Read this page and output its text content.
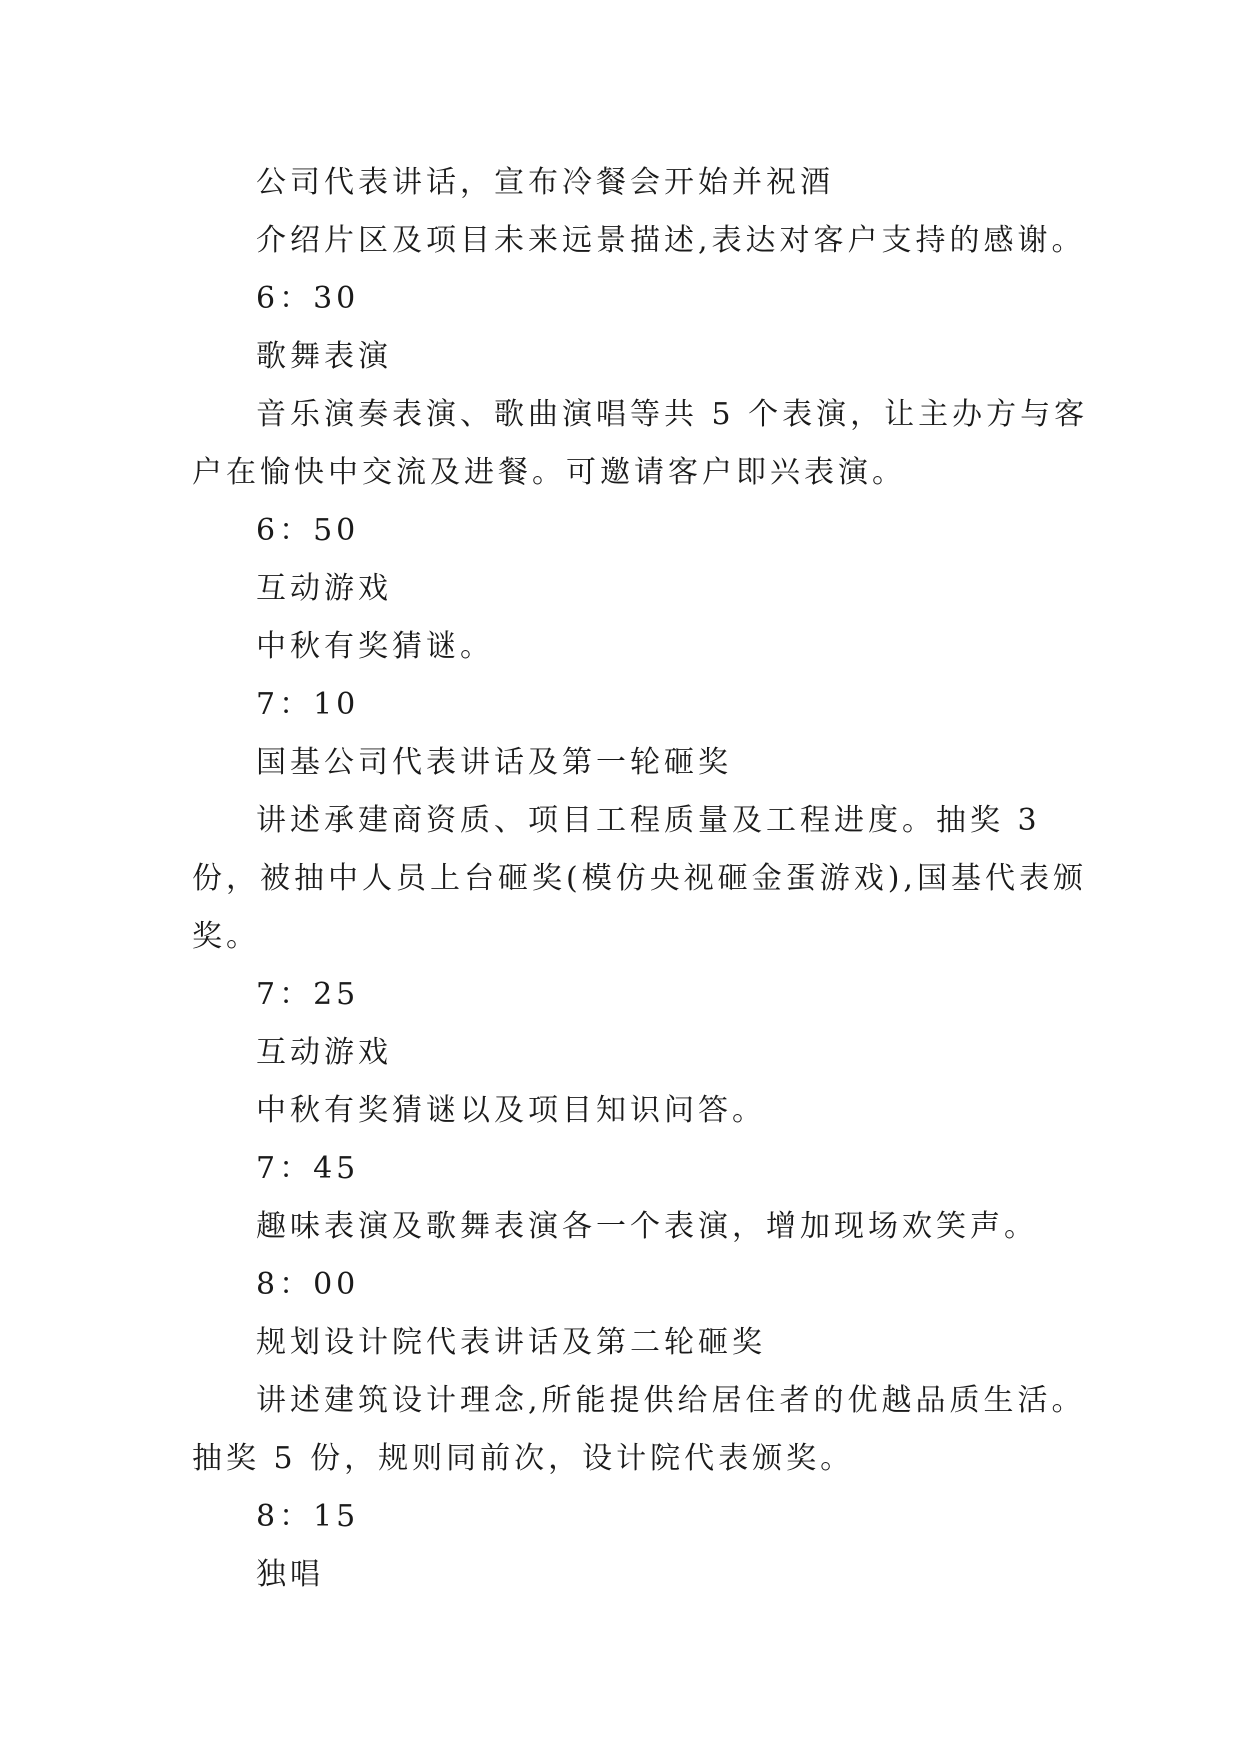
公司代表讲话，宣布冷餐会开始并祝酒

介绍片区及项目未来远景描述,表达对客户支持的感谢。

6：30

歌舞表演

音乐演奏表演、歌曲演唱等共 5 个表演，让主办方与客户在愉快中交流及进餐。可邀请客户即兴表演。

6：50

互动游戏

中秋有奖猜谜。

7：10

国基公司代表讲话及第一轮砸奖

讲述承建商资质、项目工程质量及工程进度。抽奖 3 份，被抽中人员上台砸奖(模仿央视砸金蛋游戏),国基代表颁奖。

7：25

互动游戏

中秋有奖猜谜以及项目知识问答。

7：45

趣味表演及歌舞表演各一个表演，增加现场欢笑声。

8：00

规划设计院代表讲话及第二轮砸奖

讲述建筑设计理念,所能提供给居住者的优越品质生活。抽奖 5 份，规则同前次，设计院代表颁奖。

8：15

独唱
